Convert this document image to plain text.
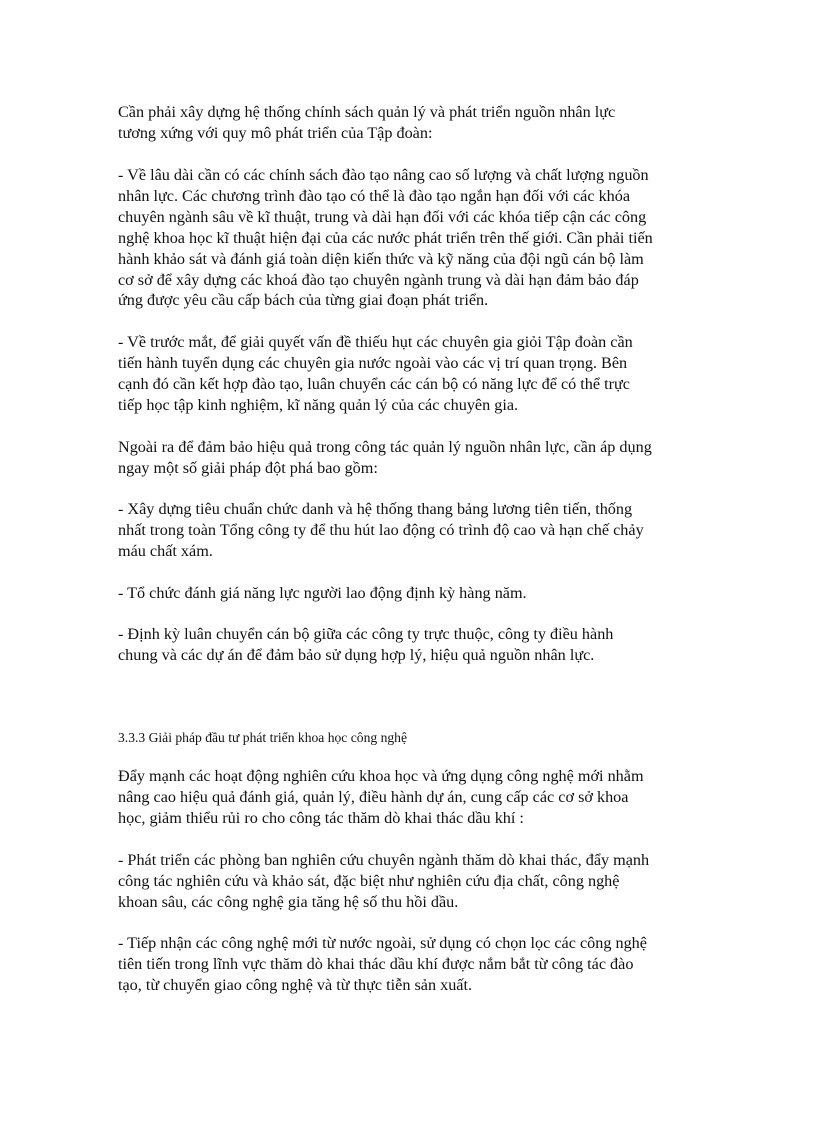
Cần phải xây dựng hệ thống chính sách quản lý và phát triển nguồn nhân lực
tương xứng với quy mô phát triển của Tập đoàn:

- Về lâu dài cần có các chính sách đào tạo nâng cao số lượng và chất lượng nguồn
nhân lực. Các chương trình đào tạo có thể là đào tạo ngắn hạn đối với các khóa
chuyên ngành sâu về kĩ thuật, trung và dài hạn đối với các khóa tiếp cận các công
nghệ khoa học kĩ thuật hiện đại của các nước phát triển trên thế giới. Cần phải tiến
hành khảo sát và đánh giá toàn diện kiến thức và kỹ năng của đội ngũ cán bộ làm
cơ sở để xây dựng các khoá đào tạo chuyên ngành trung và dài hạn đảm bảo đáp
ứng được yêu cầu cấp bách của từng giai đoạn phát triển.

- Về trước mắt, để giải quyết vấn đề thiếu hụt các chuyên gia giỏi Tập đoàn cần
tiến hành tuyển dụng các chuyên gia nước ngoài vào các vị trí quan trọng. Bên
cạnh đó cần kết hợp đào tạo, luân chuyển các cán bộ có năng lực để có thể trực
tiếp học tập kinh nghiệm, kĩ năng quản lý của các chuyên gia.

Ngoài ra để đảm bảo hiệu quả trong công tác quản lý nguồn nhân lực, cần áp dụng
ngay một số giải pháp đột phá bao gồm:

- Xây dựng tiêu chuẩn chức danh và hệ thống thang bảng lương tiên tiến, thống
nhất trong toàn Tổng công ty để thu hút lao động có trình độ cao và hạn chế chảy
máu chất xám.

- Tổ chức đánh giá năng lực người lao động định kỳ hàng năm.

- Định kỳ luân chuyển cán bộ giữa các công ty trực thuộc, công ty điều hành
chung và các dự án để đảm bảo sử dụng hợp lý, hiệu quả nguồn nhân lực.

3.3.3 Giải pháp đầu tư phát triển khoa học công nghệ

Đẩy mạnh các hoạt động nghiên cứu khoa học và ứng dụng công nghệ mới nhằm
nâng cao hiệu quả đánh giá, quản lý, điều hành dự án, cung cấp các cơ sở khoa
học, giảm thiểu rủi ro cho công tác thăm dò khai thác dầu khí :

- Phát triển các phòng ban nghiên cứu chuyên ngành thăm dò khai thác, đẩy mạnh
công tác nghiên cứu và khảo sát, đặc biệt như nghiên cứu địa chất, công nghệ
khoan sâu, các công nghệ gia tăng hệ số thu hồi dầu.

- Tiếp nhận các công nghệ mới từ nước ngoài, sử dụng có chọn lọc các công nghệ
tiên tiến trong lĩnh vực thăm dò khai thác dầu khí được nắm bắt từ công tác đào
tạo, từ chuyển giao công nghệ và từ thực tiễn sản xuất.
